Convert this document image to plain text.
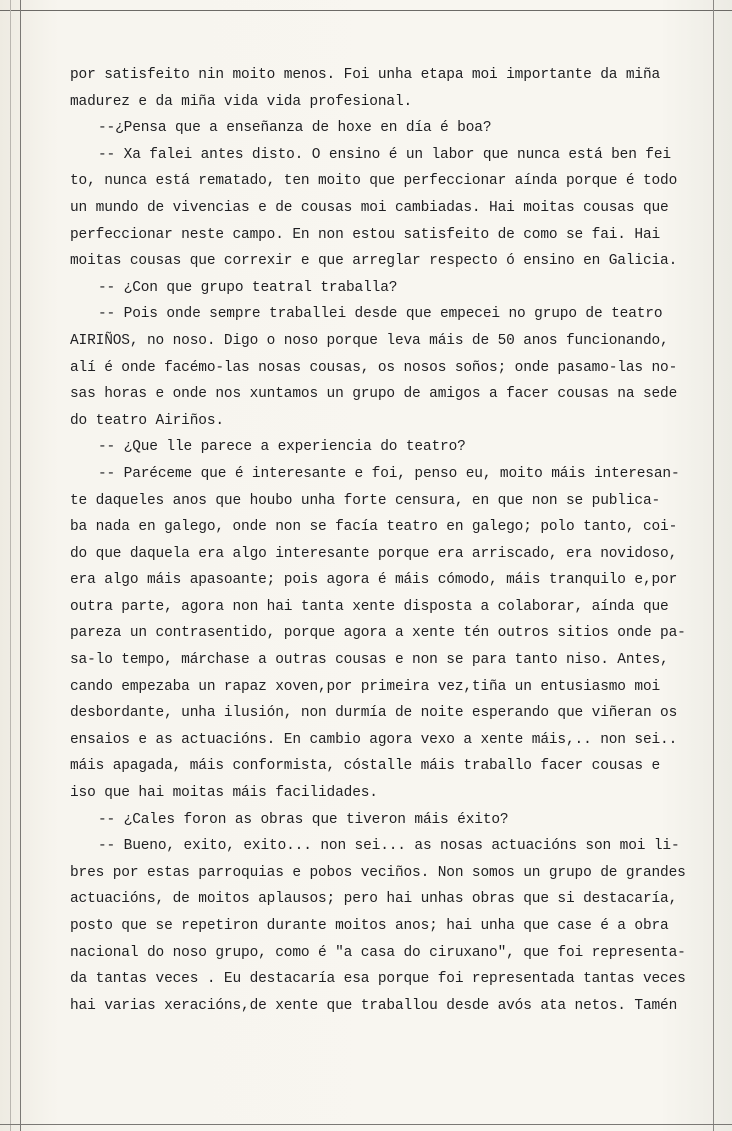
por satisfeito nin moito menos. Foi unha etapa moi importante da miña
madurez e da miña vida vida profesional.
--¿Pensa que a enseñanza de hoxe en día é boa?
-- Xa falei antes disto. O ensino é un labor que nunca está ben fei
to, nunca está rematado, ten moito que perfeccionar aínda porque é todo
un mundo de vivencias e de cousas moi cambiadas. Hai moitas cousas que
perfeccionar neste campo. En non estou satisfeito de como se fai. Hai
moitas cousas que correxir e que arreglar respecto ó ensino en Galicia.
-- ¿Con que grupo teatral traballa?
-- Pois onde sempre traballei desde que empecei no grupo de teatro
AIRIÑOS, no noso. Digo o noso porque leva máis de 50 anos funcionando,
alí é onde facémo-las nosas cousas, os nosos soños; onde pasamo-las no-
sas horas e onde nos xuntamos un grupo de amigos a facer cousas na sede
do teatro Airiños.
-- ¿Que lle parece a experiencia do teatro?
-- Paréceme que é interesante e foi, penso eu, moito máis interesan-
te daqueles anos que houbo unha forte censura, en que non se publica-
ba nada en galego, onde non se facía teatro en galego; polo tanto, coi-
do que daquela era algo interesante porque era arriscado, era novidoso,
era algo máis apasoante; pois agora é máis cómodo, máis tranquilo e,por
outra parte, agora non hai tanta xente disposta a colaborar, aínda que
pareza un contrasentido, porque agora a xente tén outros sitios onde pa-
sa-lo tempo, márchase a outras cousas e non se para tanto niso. Antes,
cando empezaba un rapaz xoven,por primeira vez,tiña un entusiasmo moi
desbordante, unha ilusión, non durmía de noite esperando que viñeran os
ensaios e as actuacións. En cambio agora vexo a xente máis,.. non sei..
máis apagada, máis conformista, cóstalle máis traballo facer cousas e
iso que hai moitas máis facilidades.
-- ¿Cales foron as obras que tiveron máis éxito?
-- Bueno, exito, exito... non sei... as nosas actuacións son moi li-
bres por estas parroquias e pobos veciños. Non somos un grupo de grandes
actuacións, de moitos aplausos; pero hai unhas obras que si destacaría,
posto que se repetiron durante moitos anos; hai unha que case é a obra
nacional do noso grupo, como é "a casa do ciruxano", que foi representa-
da tantas veces . Eu destacaría esa porque foi representada tantas veces
hai varias xeracións,de xente que traballou desde avós ata netos. Tamén
